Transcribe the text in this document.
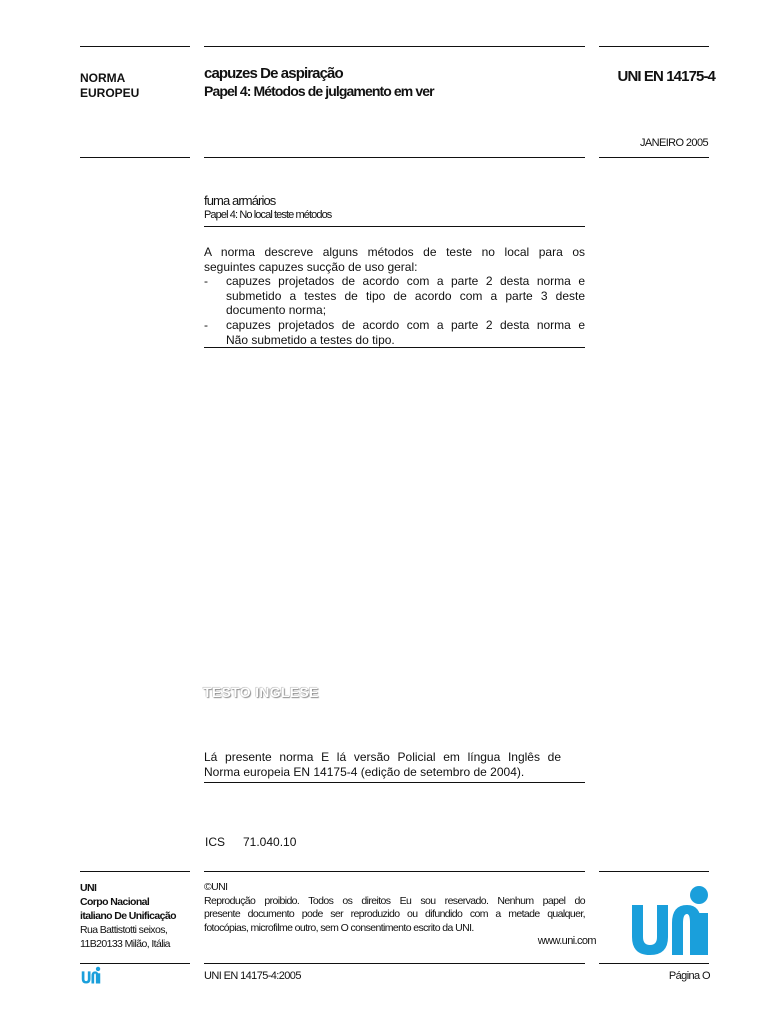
NORMA
EUROPEU
capuzes De aspiração
Papel 4: Métodos de julgamento em ver
UNI EN 14175-4
JANEIRO 2005
fuma armários
Papel 4: No local teste métodos
A norma descreve alguns métodos de teste no local para os
seguintes capuzes sucção de uso geral:
- capuzes projetados de acordo com a parte 2 desta norma e
submetido a testes de tipo de acordo com a parte 3 deste
documento norma;
- capuzes projetados de acordo com a parte 2 desta norma e
Não submetido a testes do tipo.
TESTO INGLESE
Lá presente norma E lá versão Policial em língua Inglês de
Norma europeia EN 14175-4 (edição de setembro de 2004).
ICS 71.040.10
UNI
Corpo Nacional
italiano De Unificação
Rua Battistotti seixos,
11B20133 Milão, Itália
©UNI
Reprodução proibido. Todos os direitos Eu sou reservado. Nenhum papel do
presente documento pode ser reproduzido ou difundido com a metade qualquer,
fotocópias, microfilme outro, sem O consentimento escrito da UNI.
www.uni.com
UNI EN 14175-4:2005	Página O
